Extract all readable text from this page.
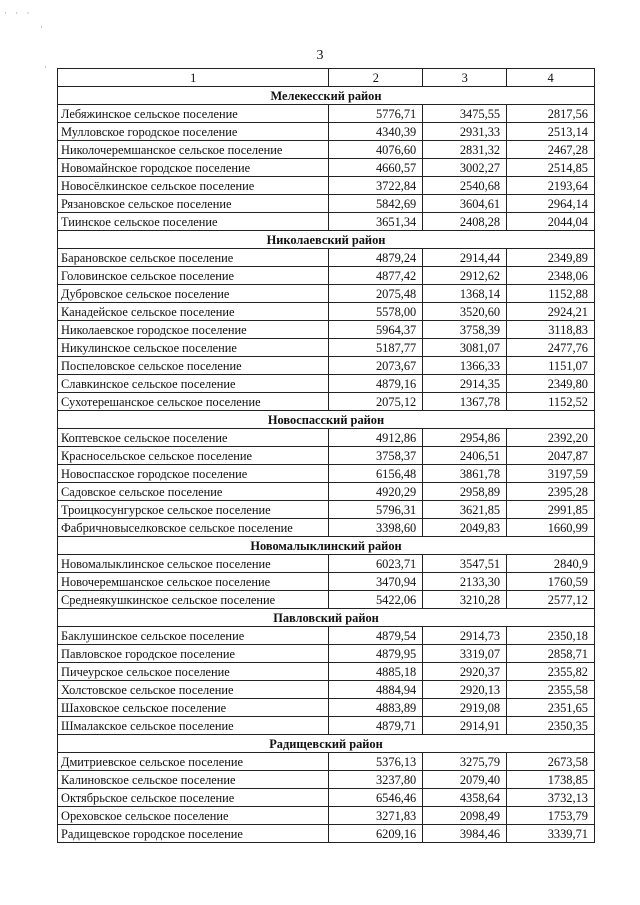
· · ·
·
·
3
1	2	3	4
Мелекесский район			
Лебяжинское сельское поселение	5776,71	3475,55	2817,56
Мулловское городское поселение	4340,39	2931,33	2513,14
Николочеремшанское сельское поселение	4076,60	2831,32	2467,28
Новомайнское городское поселение	4660,57	3002,27	2514,85
Новосёлкинское сельское поселение	3722,84	2540,68	2193,64
Рязановское сельское поселение	5842,69	3604,61	2964,14
Тиинское сельское поселение	3651,34	2408,28	2044,04
Николаевский район			
Барановское сельское поселение	4879,24	2914,44	2349,89
Головинское сельское поселение	4877,42	2912,62	2348,06
Дубровское сельское поселение	2075,48	1368,14	1152,88
Канадейское сельское поселение	5578,00	3520,60	2924,21
Николаевское городское поселение	5964,37	3758,39	3118,83
Никулинское сельское поселение	5187,77	3081,07	2477,76
Поспеловское сельское поселение	2073,67	1366,33	1151,07
Славкинское сельское поселение	4879,16	2914,35	2349,80
Сухотерешанское сельское поселение	2075,12	1367,78	1152,52
Новоспасский район			
Коптевское сельское поселение	4912,86	2954,86	2392,20
Красносельское сельское поселение	3758,37	2406,51	2047,87
Новоспасское городское поселение	6156,48	3861,78	3197,59
Садовское сельское поселение	4920,29	2958,89	2395,28
Троицкосунгурское сельское поселение	5796,31	3621,85	2991,85
Фабричновыселковское сельское поселение	3398,60	2049,83	1660,99
Новомалыклинский район			
Новомалыклинское сельское поселение	6023,71	3547,51	2840,9
Новочеремшанское сельское поселение	3470,94	2133,30	1760,59
Среднеякушкинское сельское поселение	5422,06	3210,28	2577,12
Павловский район			
Баклушинское сельское поселение	4879,54	2914,73	2350,18
Павловское городское поселение	4879,95	3319,07	2858,71
Пичеурское сельское поселение	4885,18	2920,37	2355,82
Холстовское сельское поселение	4884,94	2920,13	2355,58
Шаховское сельское поселение	4883,89	2919,08	2351,65
Шмалакское сельское поселение	4879,71	2914,91	2350,35
Радищевский район			
Дмитриевское сельское поселение	5376,13	3275,79	2673,58
Калиновское сельское поселение	3237,80	2079,40	1738,85
Октябрьское сельское поселение	6546,46	4358,64	3732,13
Ореховское сельское поселение	3271,83	2098,49	1753,79
Радищевское городское поселение	6209,16	3984,46	3339,71
